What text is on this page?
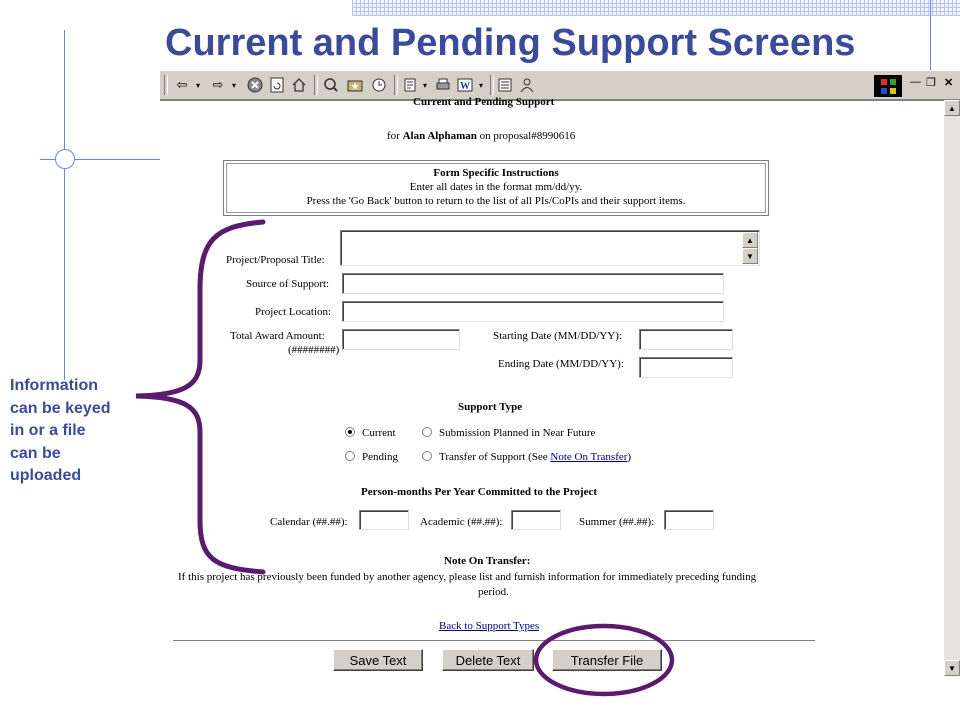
Current and Pending Support Screens
Information
can be keyed
in or a file
can be
uploaded
⇦	▾ ⇨	▾	▾	W	▾	— ❐ ✕
▲
▼
Current and Pending Support
for Alan Alphaman on proposal#8990616
Form Specific Instructions
Enter all dates in the format mm/dd/yy.
Press the 'Go Back' button to return to the list of all PIs/CoPIs and their support items.
Project/Proposal Title:
▲
▼
Source of Support:
Project Location:
Total Award Amount:
(########)
Starting Date (MM/DD/YY):
Ending Date (MM/DD/YY):
Support Type
Current	Submission Planned in Near Future
Pending	Transfer of Support (See Note On Transfer)
Person-months Per Year Committed to the Project
Calendar (##.##):	Academic (##.##):	Summer (##.##):
Note On Transfer:
If this project has previously been funded by another agency, please list and furnish information for immediately preceding funding
period.
Back to Support Types
Save Text	Delete Text	Transfer File
